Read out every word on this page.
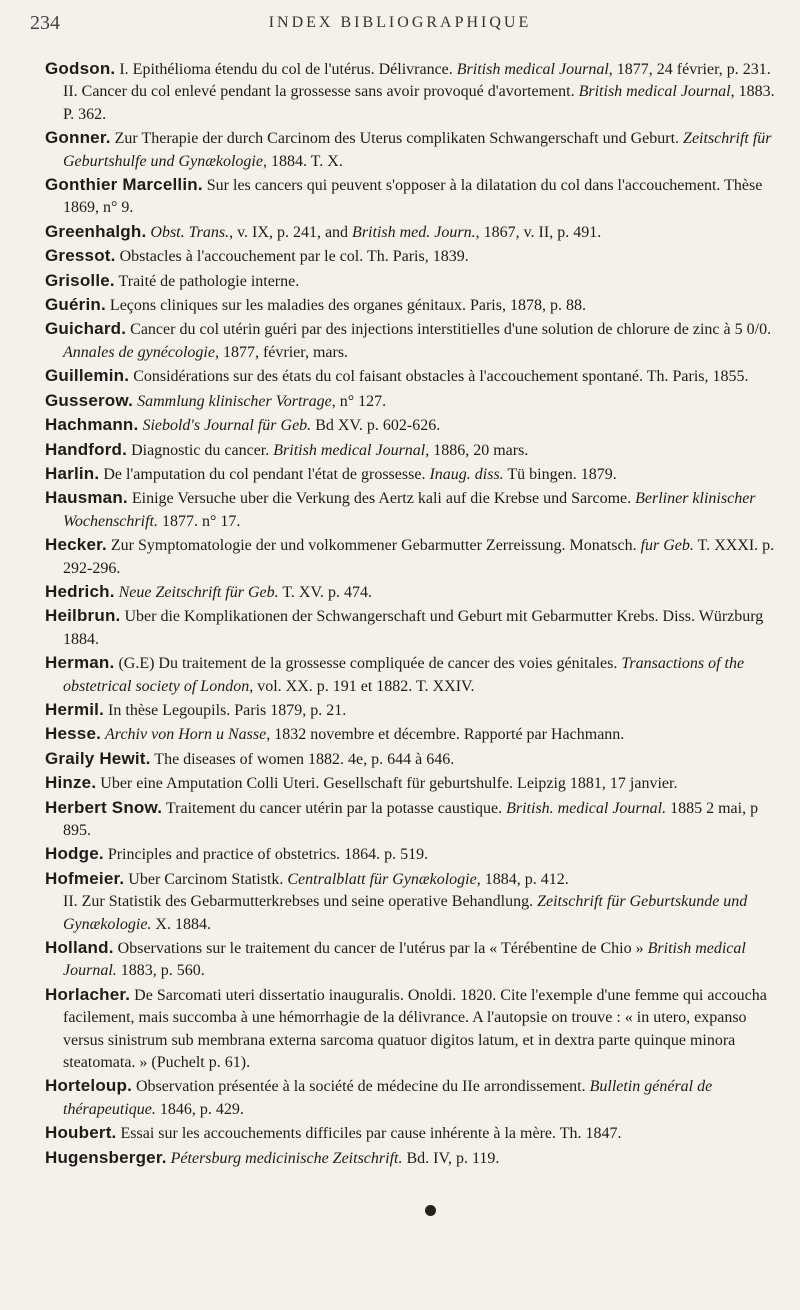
234	INDEX BIBLIOGRAPHIQUE

Godson. I. Epithélioma étendu du col de l'utérus. Délivrance. British medical Journal, 1877, 24 février, p. 231.
II. Cancer du col enlevé pendant la grossesse sans avoir provoqué d'avortement. British medical Journal, 1883. P. 362.

Gonner. Zur Therapie der durch Carcinom des Uterus complikaten Schwangerschaft und Geburt. Zeitschrift für Geburtshulfe und Gynækologie, 1884. T. X.

Gonthier Marcellin. Sur les cancers qui peuvent s'opposer à la dilatation du col dans l'accouchement. Thèse 1869, n° 9.

Greenhalgh. Obst. Trans., v. IX, p. 241, and British med. Journ., 1867, v. II, p. 491.

Gressot. Obstacles à l'accouchement par le col. Th. Paris, 1839.

Grisolle. Traité de pathologie interne.

Guérin. Leçons cliniques sur les maladies des organes génitaux. Paris, 1878, p. 88.

Guichard. Cancer du col utérin guéri par des injections interstitielles d'une solution de chlorure de zinc à 5 0/0. Annales de gynécologie, 1877, février, mars.

Guillemin. Considérations sur des états du col faisant obstacles à l'accouchement spontané. Th. Paris, 1855.

Gusserow. Sammlung klinischer Vortrage, n° 127.

Hachmann. Siebold's Journal für Geb. Bd XV. p. 602-626.

Handford. Diagnostic du cancer. British medical Journal, 1886, 20 mars.

Harlin. De l'amputation du col pendant l'état de grossesse. Inaug. diss. Tü bingen. 1879.

Hausman. Einige Versuche uber die Verkung des Aertz kali auf die Krebse und Sarcome. Berliner klinischer Wochenschrift. 1877. n° 17.

Hecker. Zur Symptomatologie der und volkommener Gebarmutter Zerreissung. Monatsch. fur Geb. T. XXXI. p. 292-296.

Hedrich. Neue Zeitschrift für Geb. T. XV. p. 474.

Heilbrun. Uber die Komplikationen der Schwangerschaft und Geburt mit Gebarmutter Krebs. Diss. Würzburg 1884.

Herman. (G.E) Du traitement de la grossesse compliquée de cancer des voies génitales. Transactions of the obstetrical society of London, vol. XX. p. 191 et 1882. T. XXIV.

Hermil. In thèse Legoupils. Paris 1879, p. 21.

Hesse. Archiv von Horn u Nasse, 1832 novembre et décembre. Rapporté par Hachmann.

Graily Hewit. The diseases of women 1882. 4e, p. 644 à 646.

Hinze. Uber eine Amputation Colli Uteri. Gesellschaft für geburtshulfe. Leipzig 1881, 17 janvier.

Herbert Snow. Traitement du cancer utérin par la potasse caustique. British. medical Journal. 1885 2 mai, p 895.

Hodge. Principles and practice of obstetrics. 1864. p. 519.

Hofmeier. Uber Carcinom Statistk. Centralblatt für Gynækologie, 1884, p. 412.
II. Zur Statistik des Gebarmutterkrebses und seine operative Behandlung. Zeitschrift für Geburtskunde und Gynækologie. X. 1884.

Holland. Observations sur le traitement du cancer de l'utérus par la « Térébentine de Chio » British medical Journal. 1883, p. 560.

Horlacher. De Sarcomati uteri dissertatio inauguralis. Onoldi. 1820. Cite l'exemple d'une femme qui accoucha facilement, mais succomba à une hémorrhagie de la délivrance. A l'autopsie on trouve : « in utero, expanso versus sinistrum sub membrana externa sarcoma quatuor digitos latum, et in dextra parte quinque minora steatomata. » (Puchelt p. 61).

Horteloup. Observation présentée à la société de médecine du IIe arrondissement. Bulletin général de thérapeutique. 1846, p. 429.

Houbert. Essai sur les accouchements difficiles par cause inhérente à la mère. Th. 1847.

Hugensberger. Pétersburg medicinische Zeitschrift. Bd. IV, p. 119.
